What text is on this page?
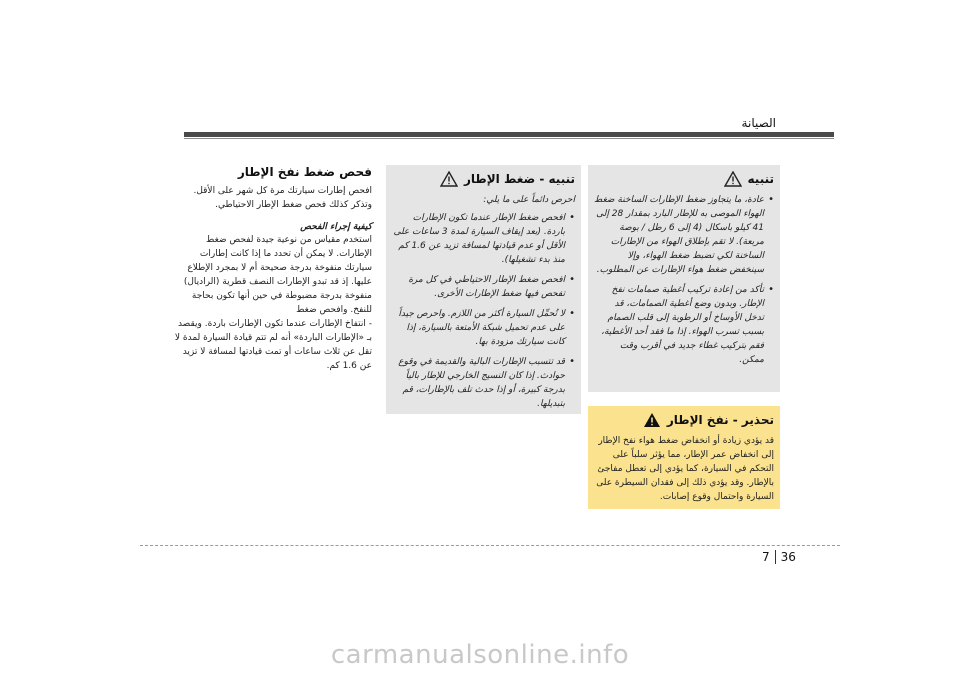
الصيانة
تنبيه
• عادة، ما يتجاوز ضغط الإطارات الساخنة ضغط الهواء الموصى به للإطار البارد بمقدار 28 إلى 41 كيلو باسكال (4 إلى 6 رطل / بوصة مربعة). لا تقم بإطلاق الهواء من الإطارات الساخنة لكي تضبط ضغط الهواء، وإلا سينخفض ضغط هواء الإطارات عن المطلوب.
• تأكد من إعادة تركيب أغطية صمامات نفخ الإطار. وبدون وضع أغطية الصمامات، قد تدخل الأوساخ أو الرطوبة إلى قلب الصمام بسبب تسرب الهواء. إذا ما فقد أحد الأغطية، فقم بتركيب غطاء جديد في أقرب وقت ممكن.
تحذير - نفخ الإطار
قد يؤدي زيادة أو انخفاض ضغط هواء نفخ الإطار إلى انخفاض عمر الإطار، مما يؤثر سلباً على التحكم في السيارة، كما يؤدي إلى تعطل مفاجئ بالإطار. وقد يؤدي ذلك إلى فقدان السيطرة على السيارة واحتمال وقوع إصابات.
تنبيه - ضغط الإطار
احرص دائماً على ما يلي:
• افحص ضغط الإطار عندما تكون الإطارات باردة. (بعد إيقاف السيارة لمدة 3 ساعات على الأقل أو عدم قيادتها لمسافة تزيد عن 1.6 كم منذ بدء تشغيلها).
• افحص ضغط الإطار الاحتياطي في كل مرة تفحص فيها ضغط الإطارات الأخرى.
• لا تُحمِّل السيارة أكثر من اللازم. واحرص جيداً على عدم تحميل شبكة الأمتعة بالسيارة، إذا كانت سيارتك مزودة بها.
• قد تتسبب الإطارات البالية والقديمة في وقوع حوادث. إذا كان النسيج الخارجي للإطار بالياً بدرجة كبيرة، أو إذا حدث تلف بالإطارات، قم بتبديلها.
فحص ضغط نفخ الإطار

افحص إطارات سيارتك مرة كل شهر على الأقل. وتذكر كذلك فحص ضغط الإطار الاحتياطي.

كيفية إجراء الفحص

استخدم مقياس من نوعية جيدة لفحص ضغط الإطارات. لا يمكن أن تحدد ما إذا كانت إطارات سيارتك منفوخة بدرجة صحيحة أم لا بمجرد الإطلاع عليها. إذ قد تبدو الإطارات النصف قطرية (الراديال) منفوخة بدرجة مضبوطة في حين أنها تكون بحاجة للنفخ. وافحص ضغط

- انتفاخ الإطارات عندما تكون الإطارات باردة. ويقصد بـ «الإطارات الباردة» أنه لم تتم قيادة السيارة لمدة لا تقل عن ثلاث ساعات أو تمت قيادتها لمسافة لا تزيد عن 1.6 كم.

7 36
carmanualsonline.info
